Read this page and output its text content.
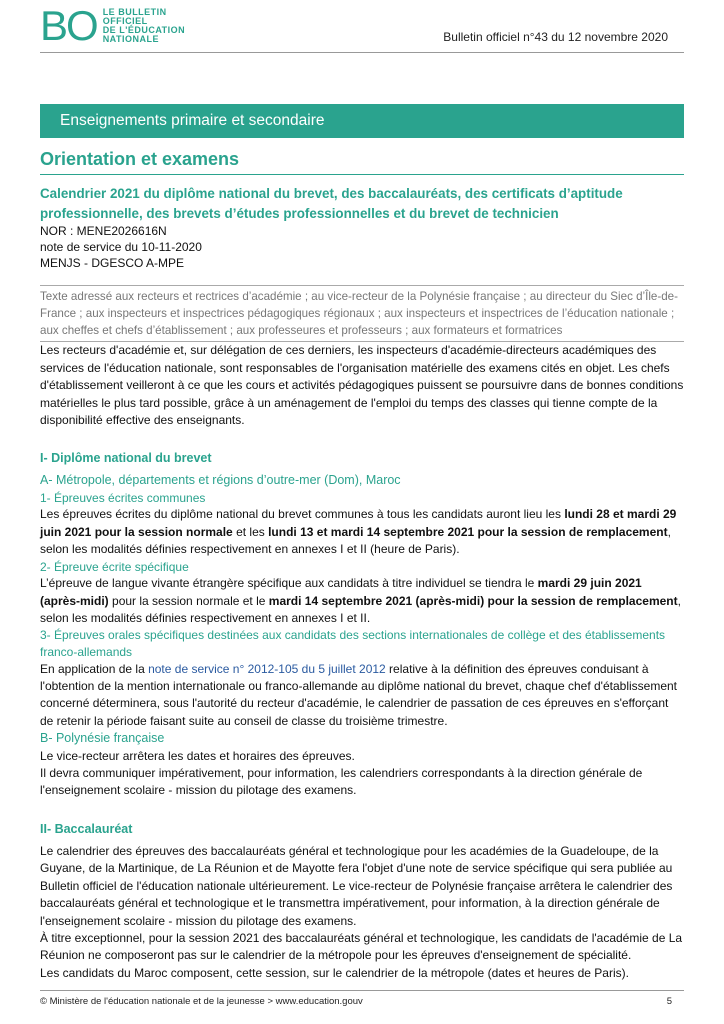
BO LE BULLETIN
OFFICIEL
DE L'ÉDUCATION
NATIONALE	Bulletin officiel n°43 du 12 novembre 2020
Enseignements primaire et secondaire
Orientation et examens

Calendrier 2021 du diplôme national du brevet, des baccalauréats, des certificats d’aptitude professionnelle, des brevets d’études professionnelles et du brevet de technicien

NOR : MENE2026616N
note de service du 10-11-2020
MENJS - DGESCO A-MPE
Texte adressé aux recteurs et rectrices d’académie ; au vice-recteur de la Polynésie française ; au directeur du Siec d’Île-de-France ; aux inspecteurs et inspectrices pédagogiques régionaux ; aux inspecteurs et inspectrices de l’éducation nationale ; aux cheffes et chefs d’établissement ; aux professeures et professeurs ; aux formateurs et formatrices

Les recteurs d'académie et, sur délégation de ces derniers, les inspecteurs d'académie-directeurs académiques des services de l'éducation nationale, sont responsables de l'organisation matérielle des examens cités en objet. Les chefs d'établissement veilleront à ce que les cours et activités pédagogiques puissent se poursuivre dans de bonnes conditions matérielles le plus tard possible, grâce à un aménagement de l'emploi du temps des classes qui tienne compte de la disponibilité effective des enseignants.

I- Diplôme national du brevet
A- Métropole, départements et régions d’outre-mer (Dom), Maroc
1- Épreuves écrites communes

Les épreuves écrites du diplôme national du brevet communes à tous les candidats auront lieu les lundi 28 et mardi 29 juin 2021 pour la session normale et les lundi 13 et mardi 14 septembre 2021 pour la session de remplacement, selon les modalités définies respectivement en annexes I et II (heure de Paris).

2- Épreuve écrite spécifique

L’épreuve de langue vivante étrangère spécifique aux candidats à titre individuel se tiendra le mardi 29 juin 2021 (après-midi) pour la session normale et le mardi 14 septembre 2021 (après-midi) pour la session de remplacement, selon les modalités définies respectivement en annexes I et II.

3- Épreuves orales spécifiques destinées aux candidats des sections internationales de collège et des établissements franco-allemands

En application de la note de service n° 2012-105 du 5 juillet 2012 relative à la définition des épreuves conduisant à l'obtention de la mention internationale ou franco-allemande au diplôme national du brevet, chaque chef d'établissement concerné déterminera, sous l'autorité du recteur d'académie, le calendrier de passation de ces épreuves en s'efforçant de retenir la période faisant suite au conseil de classe du troisième trimestre.

B- Polynésie française

Le vice-recteur arrêtera les dates et horaires des épreuves.

Il devra communiquer impérativement, pour information, les calendriers correspondants à la direction générale de l'enseignement scolaire - mission du pilotage des examens.

II- Baccalauréat

Le calendrier des épreuves des baccalauréats général et technologique pour les académies de la Guadeloupe, de la Guyane, de la Martinique, de La Réunion et de Mayotte fera l'objet d'une note de service spécifique qui sera publiée au Bulletin officiel de l'éducation nationale ultérieurement. Le vice-recteur de Polynésie française arrêtera le calendrier des baccalauréats général et technologique et le transmettra impérativement, pour information, à la direction générale de l'enseignement scolaire - mission du pilotage des examens.

À titre exceptionnel, pour la session 2021 des baccalauréats général et technologique, les candidats de l'académie de La Réunion ne composeront pas sur le calendrier de la métropole pour les épreuves d'enseignement de spécialité.

Les candidats du Maroc composent, cette session, sur le calendrier de la métropole (dates et heures de Paris).

© Ministère de l'éducation nationale et de la jeunesse > www.education.gouv	5
